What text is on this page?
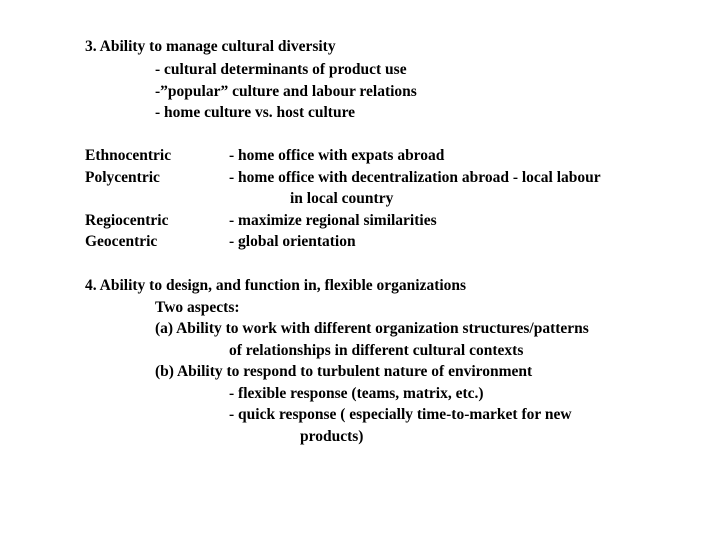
3. Ability to manage cultural diversity
- cultural determinants of product use
-”popular” culture and labour relations
- home culture vs. host culture
Ethnocentric	- home office with expats abroad
Polycentric	- home office with decentralization abroad - local labour
in local country
Regiocentric	- maximize regional similarities
Geocentric	- global orientation
4. Ability to design, and function in, flexible organizations
Two aspects:
(a) Ability to work with different organization structures/patterns
of relationships in different cultural contexts
(b) Ability to respond to turbulent nature of environment
- flexible response (teams, matrix, etc.)
- quick response ( especially time-to-market for new
products)
